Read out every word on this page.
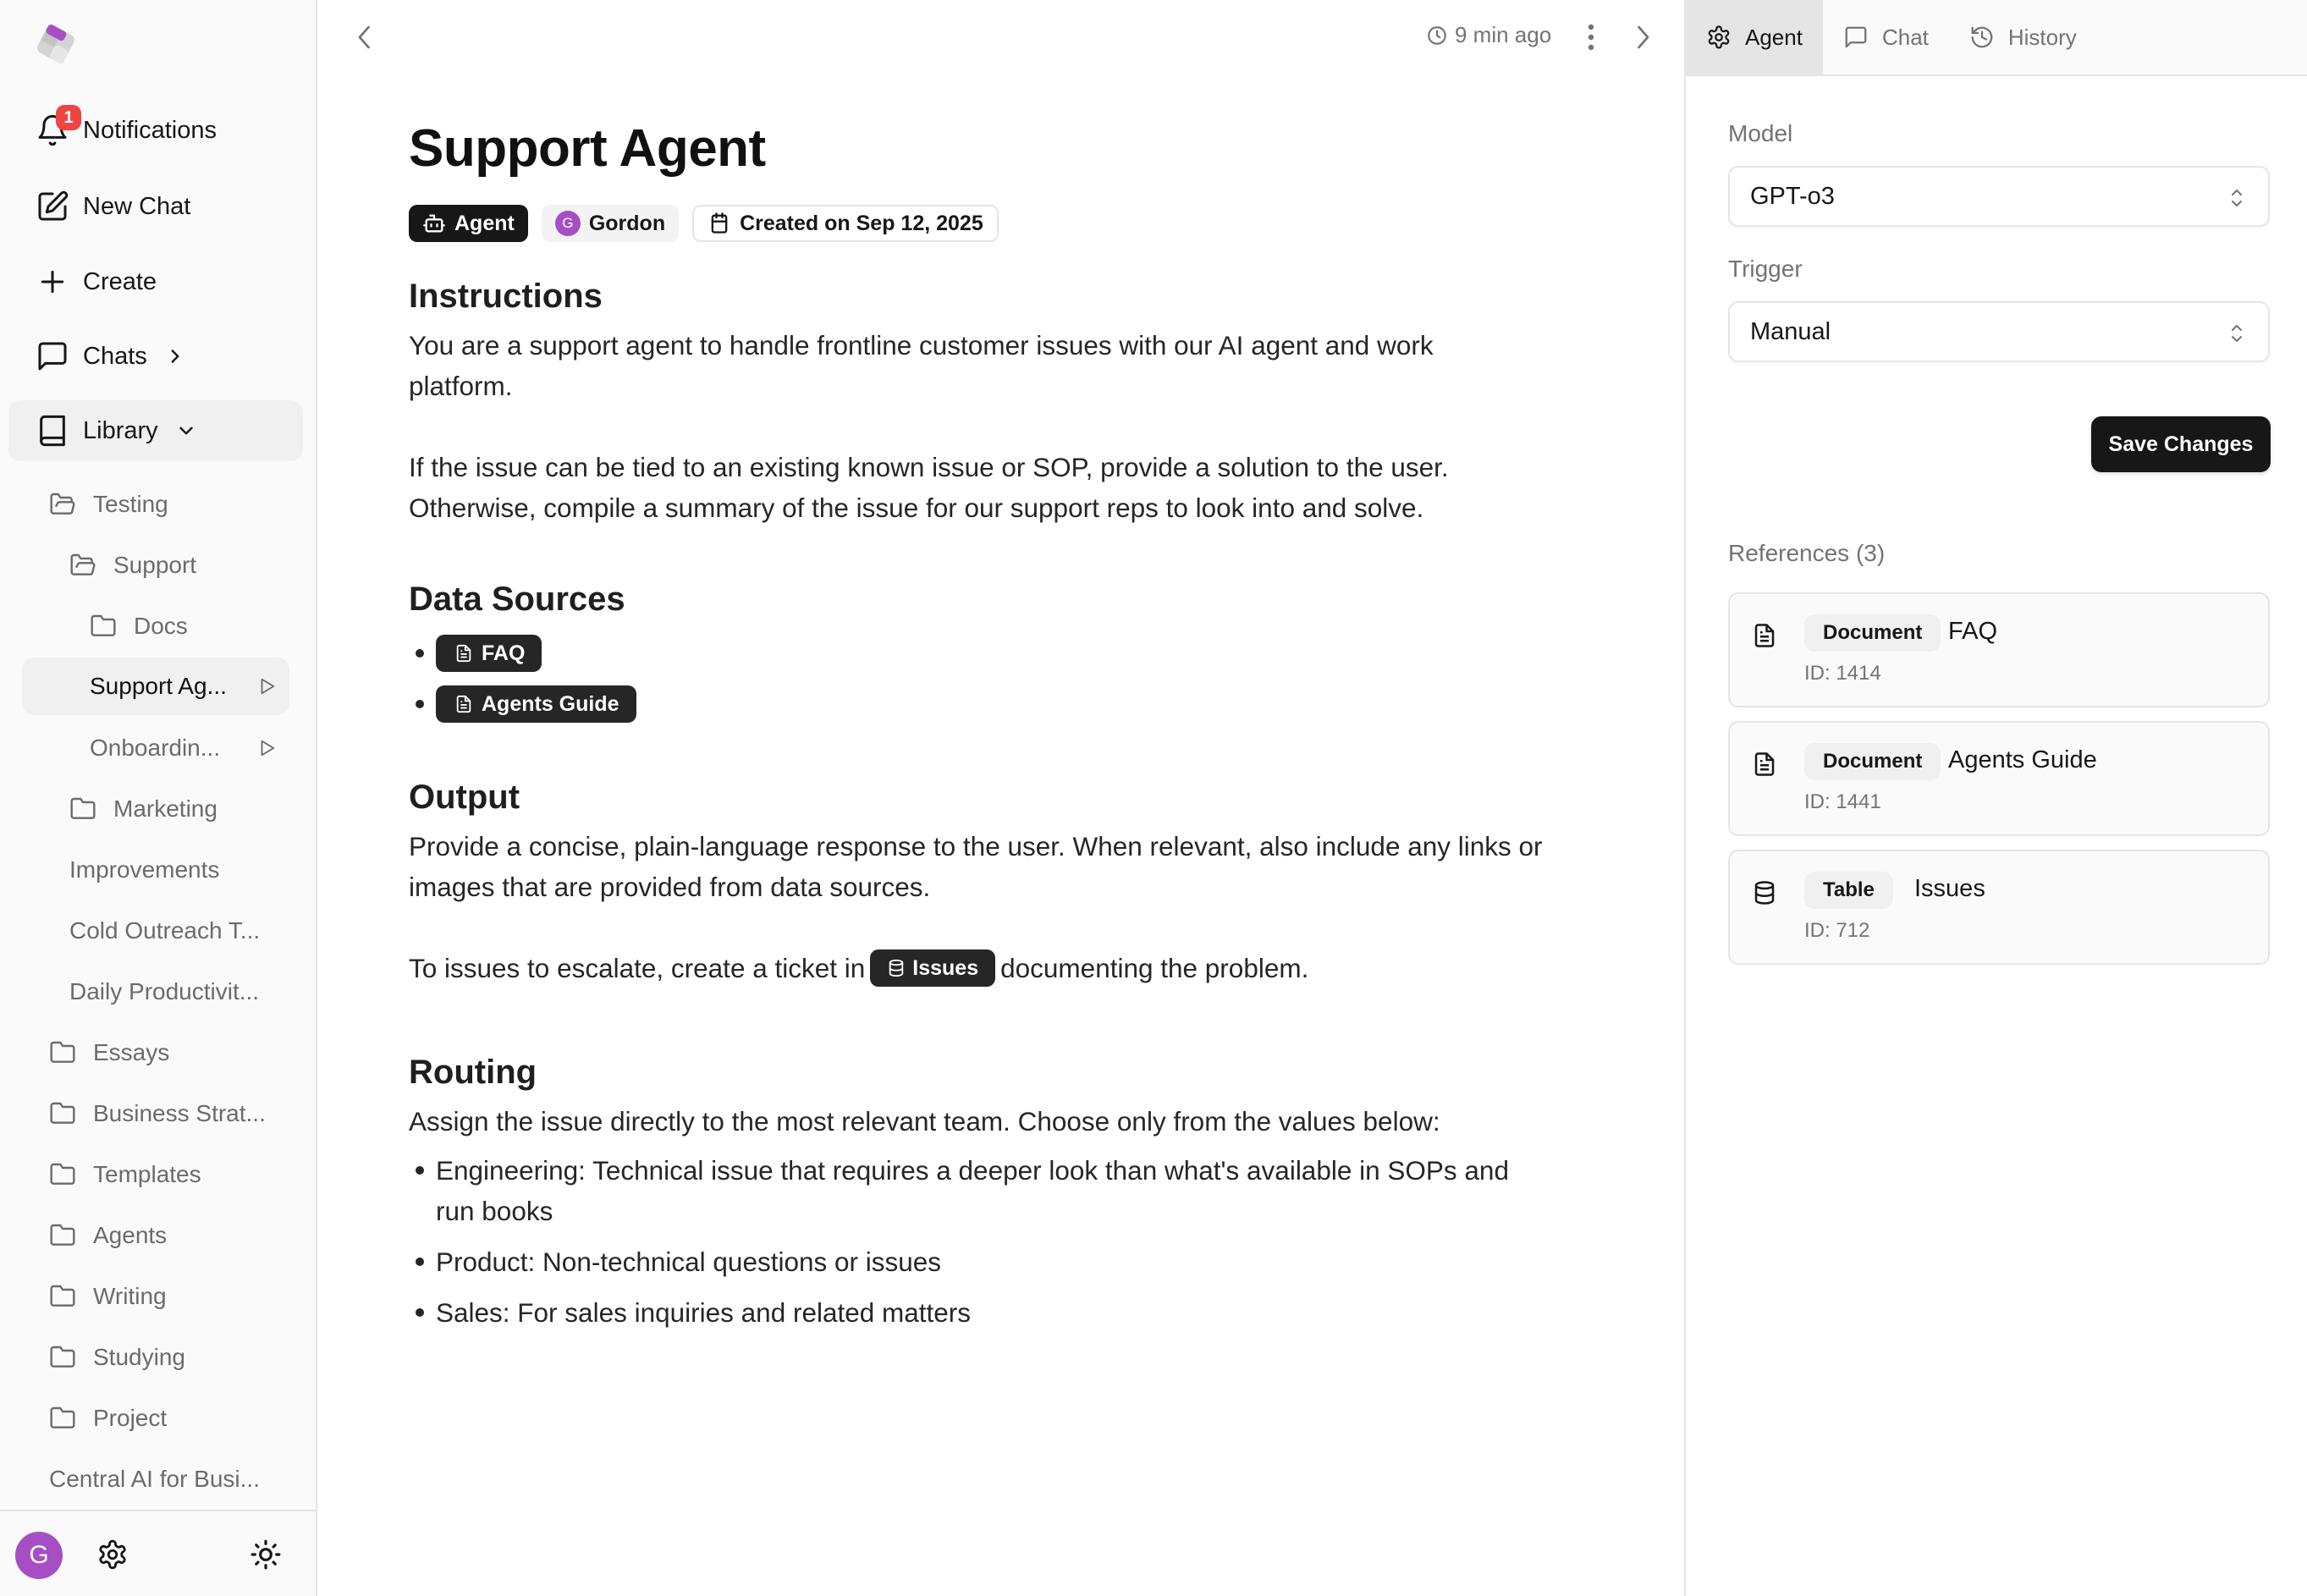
1 Notifications
New Chat
Create
Chats
Library
Testing
Support
Docs
Support Ag...
Onboardin...
Marketing
Improvements
Cold Outreach T...
Daily Productivit...
Essays
Business Strat...
Templates
Agents
Writing
Studying
Project
Central AI for Busi...
G
9 min ago
Support Agent
Agent	G Gordon	Created on Sep 12, 2025
Instructions

You are a support agent to handle frontline customer issues with our AI agent and work platform.

If the issue can be tied to an existing known issue or SOP, provide a solution to the user. Otherwise, compile a summary of the issue for our support reps to look into and solve.

Data Sources
FAQ
Agents Guide
Output

Provide a concise, plain-language response to the user. When relevant, also include any links or images that are provided from data sources.

To issues to escalate, create a ticket in Issues documenting the problem.

Routing

Assign the issue directly to the most relevant team. Choose only from the values below:

Engineering: Technical issue that requires a deeper look than what's available in SOPs and run books
Product: Non-technical questions or issues
Sales: For sales inquiries and related matters
Agent	Chat	History
Model
GPT-o3
Trigger
Manual
Save Changes
References (3)
Document	FAQ
ID: 1414
Document	Agents Guide
ID: 1441
Table	Issues
ID: 712
